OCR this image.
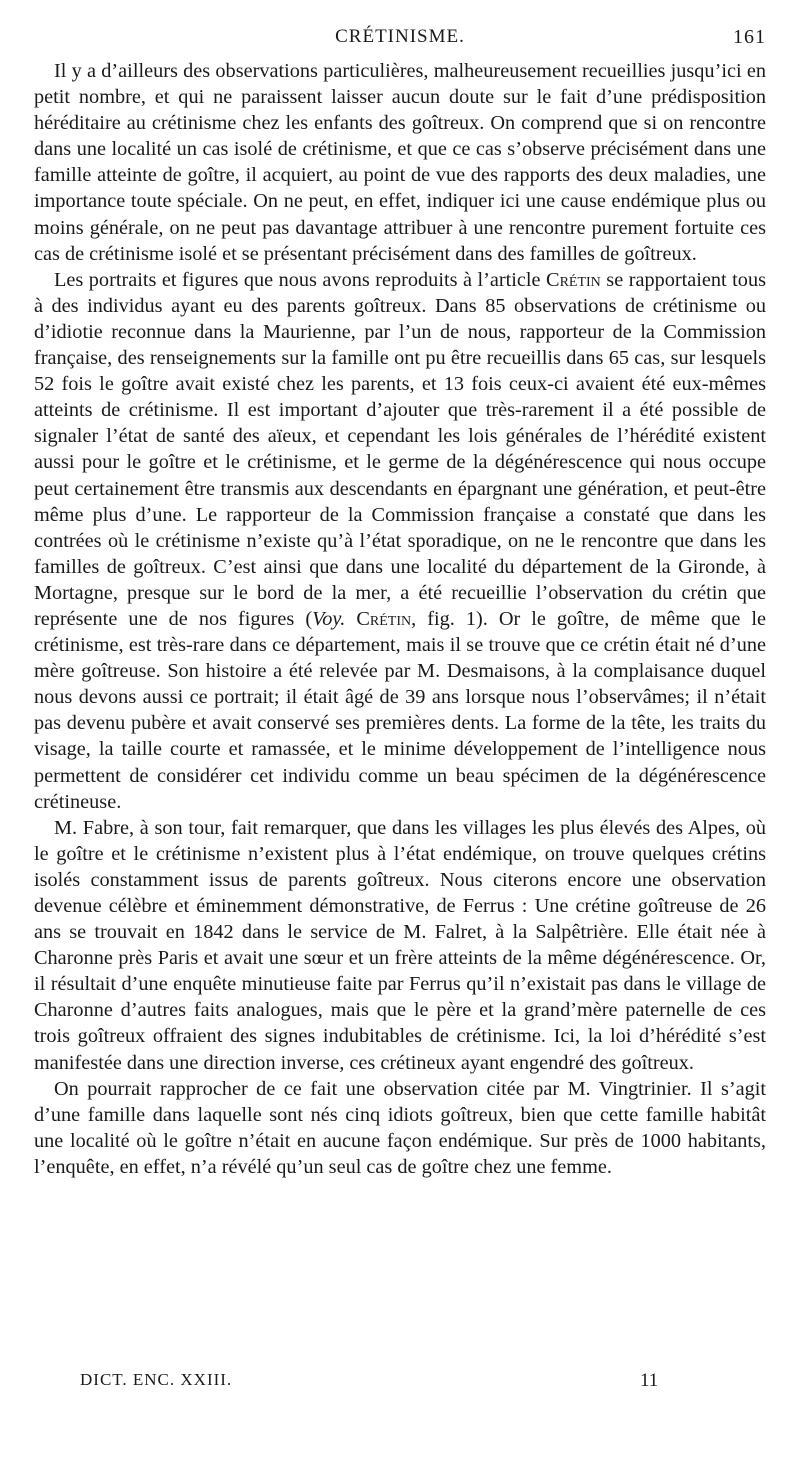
CRÉTINISME.	161

Il y a d’ailleurs des observations particulières, malheureusement recueillies jusqu’ici en petit nombre, et qui ne paraissent laisser aucun doute sur le fait d’une prédisposition héréditaire au crétinisme chez les enfants des goîtreux. On comprend que si on rencontre dans une localité un cas isolé de crétinisme, et que ce cas s’observe précisément dans une famille atteinte de goître, il acquiert, au point de vue des rapports des deux maladies, une importance toute spéciale. On ne peut, en effet, indiquer ici une cause endémique plus ou moins générale, on ne peut pas davantage attribuer à une rencontre purement fortuite ces cas de crétinisme isolé et se présentant précisément dans des familles de goîtreux.

Les portraits et figures que nous avons reproduits à l’article Crétin se rapportaient tous à des individus ayant eu des parents goîtreux. Dans 85 observations de crétinisme ou d’idiotie reconnue dans la Maurienne, par l’un de nous, rapporteur de la Commission française, des renseignements sur la famille ont pu être recueillis dans 65 cas, sur lesquels 52 fois le goître avait existé chez les parents, et 13 fois ceux-ci avaient été eux-mêmes atteints de crétinisme. Il est important d’ajouter que très-rarement il a été possible de signaler l’état de santé des aïeux, et cependant les lois générales de l’hérédité existent aussi pour le goître et le crétinisme, et le germe de la dégénérescence qui nous occupe peut certainement être transmis aux descendants en épargnant une génération, et peut-être même plus d’une. Le rapporteur de la Commission française a constaté que dans les contrées où le crétinisme n’existe qu’à l’état sporadique, on ne le rencontre que dans les familles de goîtreux. C’est ainsi que dans une localité du département de la Gironde, à Mortagne, presque sur le bord de la mer, a été recueillie l’observation du crétin que représente une de nos figures (Voy. Crétin, fig. 1). Or le goître, de même que le crétinisme, est très-rare dans ce département, mais il se trouve que ce crétin était né d’une mère goîtreuse. Son histoire a été relevée par M. Desmaisons, à la complaisance duquel nous devons aussi ce portrait; il était âgé de 39 ans lorsque nous l’observâmes; il n’était pas devenu pubère et avait conservé ses premières dents. La forme de la tête, les traits du visage, la taille courte et ramassée, et le minime développement de l’intelligence nous permettent de considérer cet individu comme un beau spécimen de la dégénérescence crétineuse.

M. Fabre, à son tour, fait remarquer, que dans les villages les plus élevés des Alpes, où le goître et le crétinisme n’existent plus à l’état endémique, on trouve quelques crétins isolés constamment issus de parents goîtreux. Nous citerons encore une observation devenue célèbre et éminemment démonstrative, de Ferrus : Une crétine goîtreuse de 26 ans se trouvait en 1842 dans le service de M. Falret, à la Salpêtrière. Elle était née à Charonne près Paris et avait une sœur et un frère atteints de la même dégénérescence. Or, il résultait d’une enquête minutieuse faite par Ferrus qu’il n’existait pas dans le village de Charonne d’autres faits analogues, mais que le père et la grand’mère paternelle de ces trois goîtreux offraient des signes indubitables de crétinisme. Ici, la loi d’hérédité s’est manifestée dans une direction inverse, ces crétineux ayant engendré des goîtreux.

On pourrait rapprocher de ce fait une observation citée par M. Vingtrinier. Il s’agit d’une famille dans laquelle sont nés cinq idiots goîtreux, bien que cette famille habitât une localité où le goître n’était en aucune façon endémique. Sur près de 1000 habitants, l’enquête, en effet, n’a révélé qu’un seul cas de goître chez une femme.

DICT. ENC. XXIII.	11
